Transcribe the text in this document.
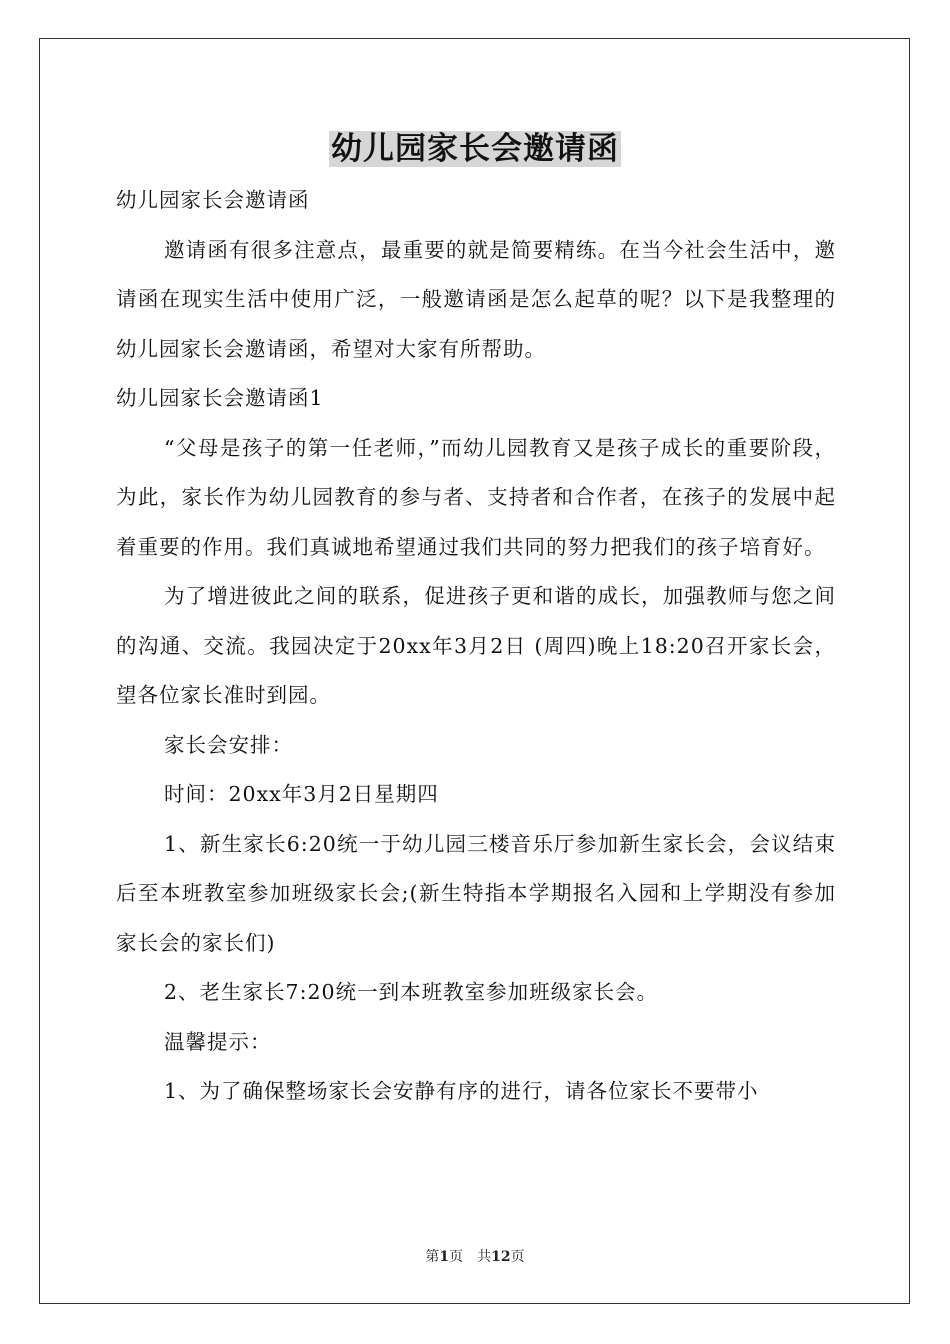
幼儿园家长会邀请函

幼儿园家长会邀请函

邀请函有很多注意点，最重要的就是简要精练。在当今社会生活中，邀请函在现实生活中使用广泛，一般邀请函是怎么起草的呢？以下是我整理的幼儿园家长会邀请函，希望对大家有所帮助。

幼儿园家长会邀请函1

“父母是孩子的第一任老师，”而幼儿园教育又是孩子成长的重要阶段，为此，家长作为幼儿园教育的参与者、支持者和合作者，在孩子的发展中起着重要的作用。我们真诚地希望通过我们共同的努力把我们的孩子培育好。

为了增进彼此之间的联系，促进孩子更和谐的成长，加强教师与您之间的沟通、交流。我园决定于20xx年3月2日 (周四)晚上18:20召开家长会，望各位家长准时到园。

家长会安排：

时间：20xx年3月2日星期四

1、新生家长6:20统一于幼儿园三楼音乐厅参加新生家长会，会议结束后至本班教室参加班级家长会;(新生特指本学期报名入园和上学期没有参加家长会的家长们)

2、老生家长7:20统一到本班教室参加班级家长会。

温馨提示：

1、为了确保整场家长会安静有序的进行，请各位家长不要带小

第1页　共12页
